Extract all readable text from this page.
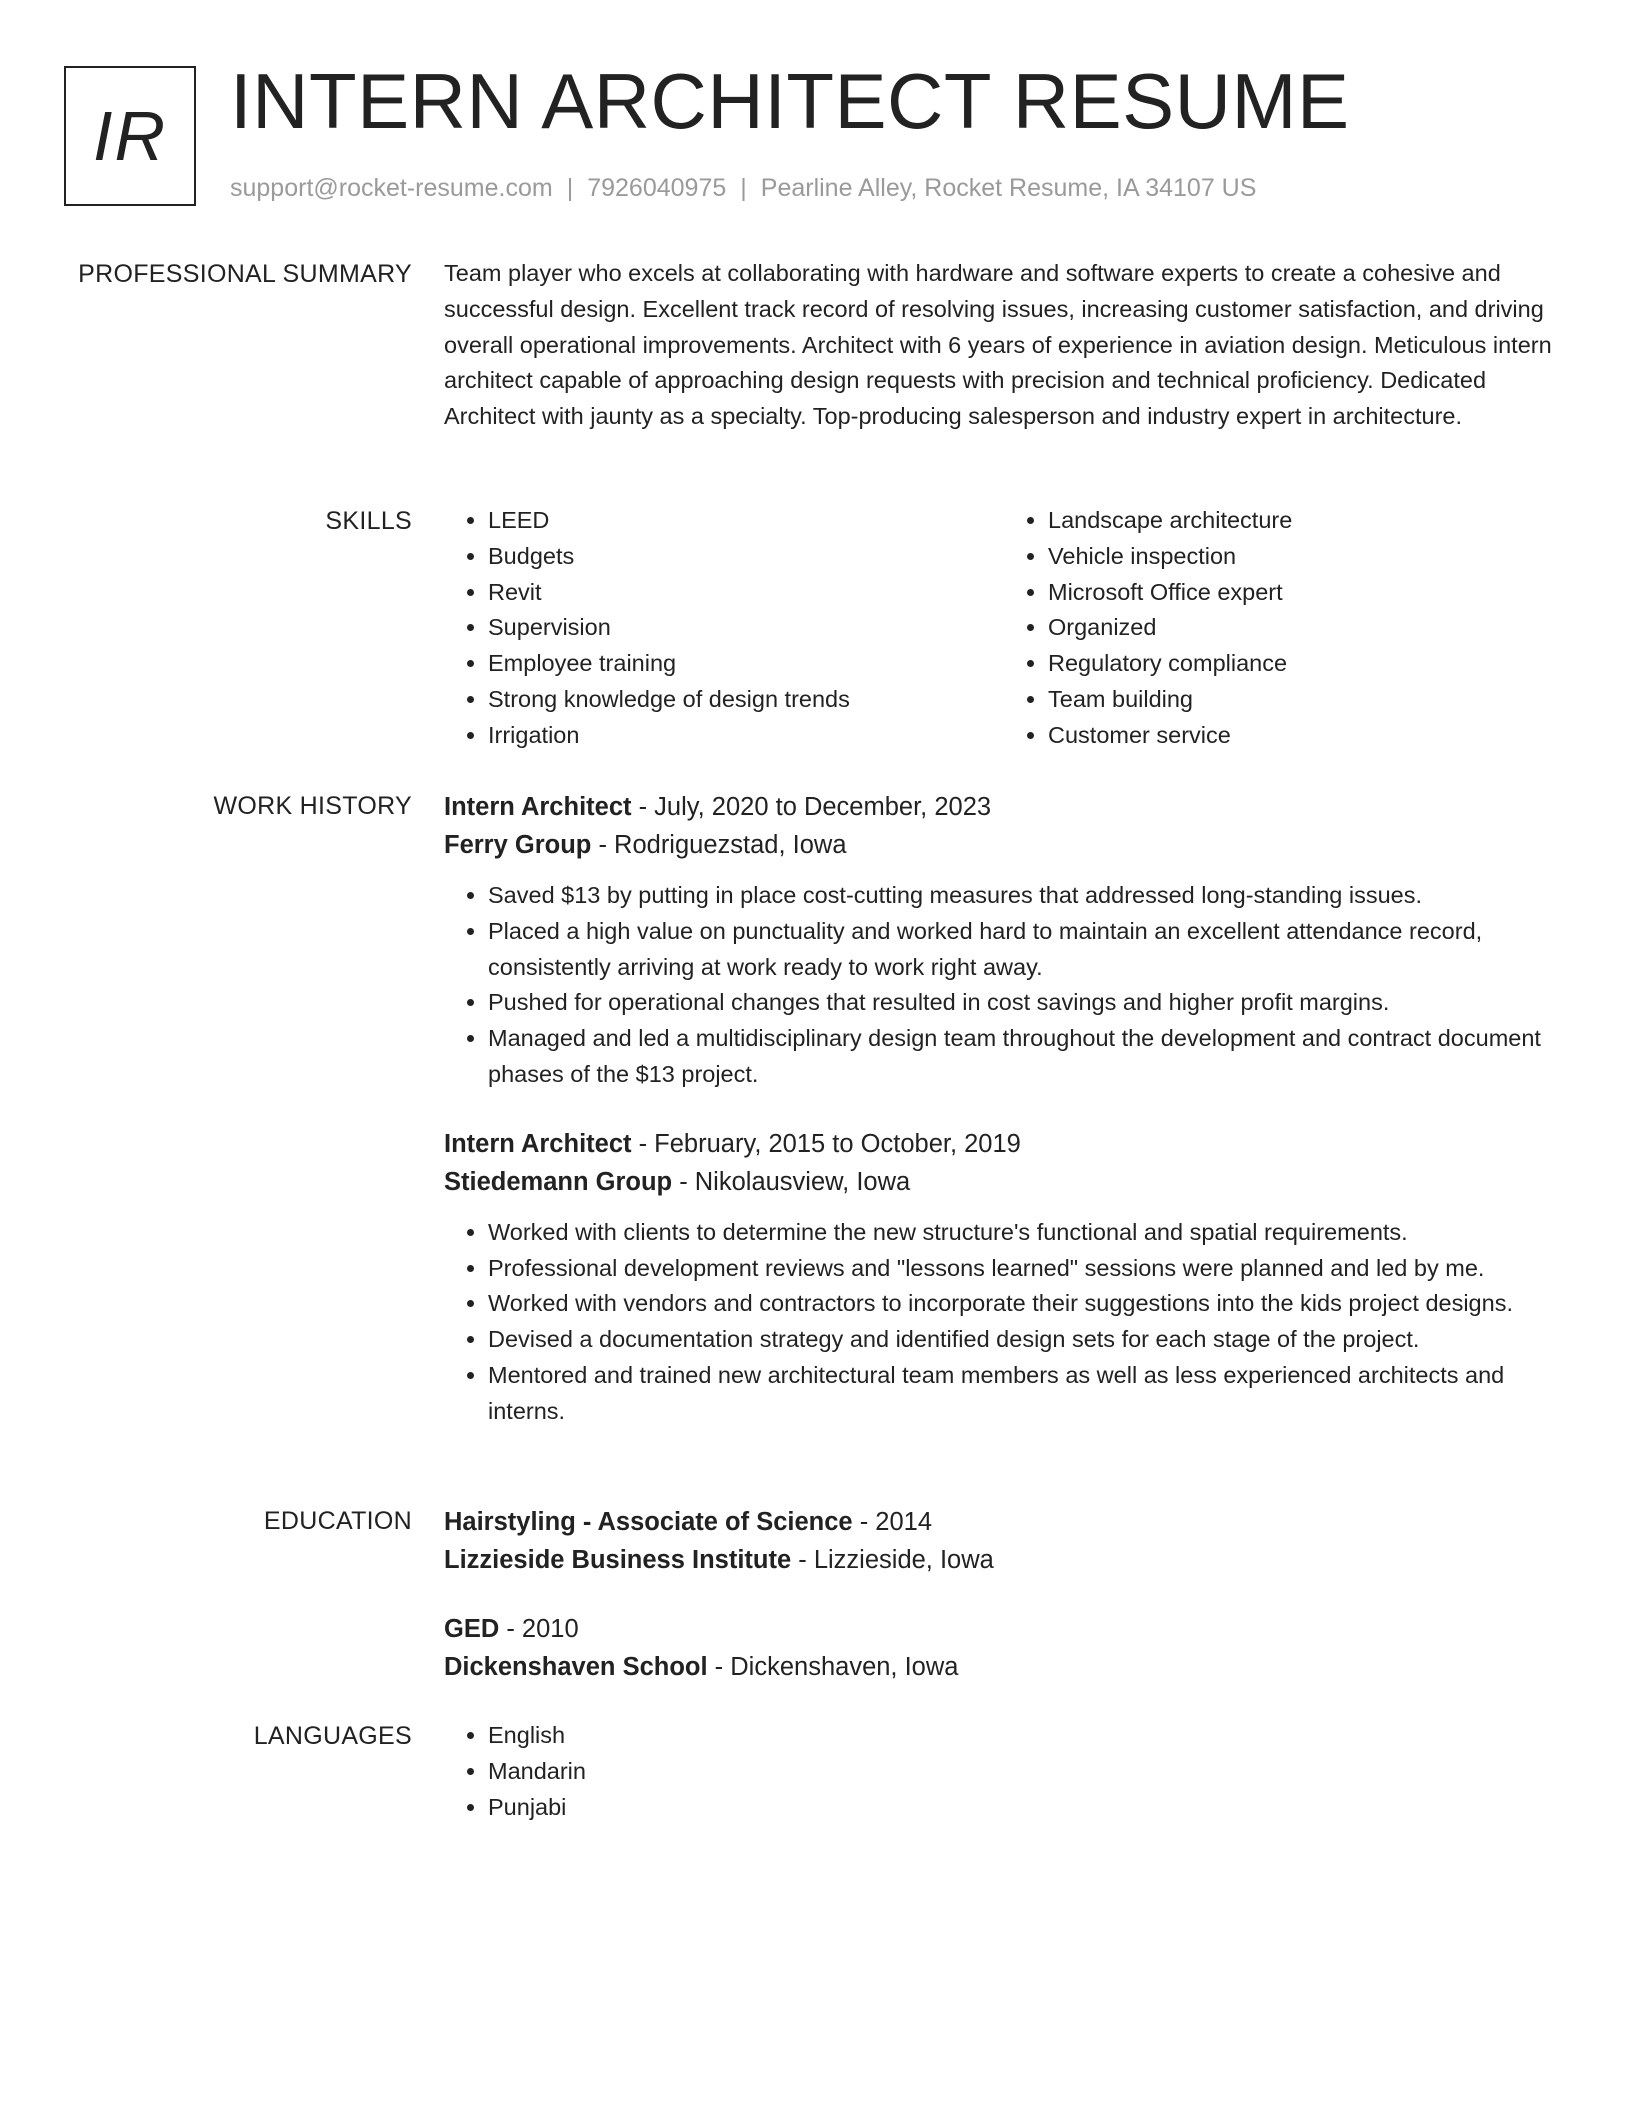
IR INTERN ARCHITECT RESUME
support@rocket-resume.com | 7926040975 | Pearline Alley, Rocket Resume, IA 34107 US
PROFESSIONAL SUMMARY Team player who excels at collaborating with hardware and software experts to create a cohesive and successful design. Excellent track record of resolving issues, increasing customer satisfaction, and driving overall operational improvements. Architect with 6 years of experience in aviation design. Meticulous intern architect capable of approaching design requests with precision and technical proficiency. Dedicated Architect with jaunty as a specialty. Top-producing salesperson and industry expert in architecture.

SKILLS	• LEED
• Budgets
• Revit
• Supervision
• Employee training
• Strong knowledge of design trends
• Irrigation
• Landscape architecture
• Vehicle inspection
• Microsoft Office expert
• Organized
• Regulatory compliance
• Team building
• Customer service
WORK HISTORY Intern Architect - July, 2020 to December, 2023
Ferry Group - Rodriguezstad, Iowa
• Saved $13 by putting in place cost-cutting measures that addressed long-standing issues.
• Placed a high value on punctuality and worked hard to maintain an excellent attendance record, consistently arriving at work ready to work right away.
• Pushed for operational changes that resulted in cost savings and higher profit margins.
• Managed and led a multidisciplinary design team throughout the development and contract document phases of the $13 project.
Intern Architect - February, 2015 to October, 2019
Stiedemann Group - Nikolausview, Iowa
• Worked with clients to determine the new structure's functional and spatial requirements.
• Professional development reviews and "lessons learned" sessions were planned and led by me.
• Worked with vendors and contractors to incorporate their suggestions into the kids project designs.
• Devised a documentation strategy and identified design sets for each stage of the project.
• Mentored and trained new architectural team members as well as less experienced architects and interns.
EDUCATION Hairstyling - Associate of Science - 2014
Lizzieside Business Institute - Lizzieside, Iowa
GED - 2010
Dickenshaven School - Dickenshaven, Iowa
LANGUAGES	• English
• Mandarin
• Punjabi
